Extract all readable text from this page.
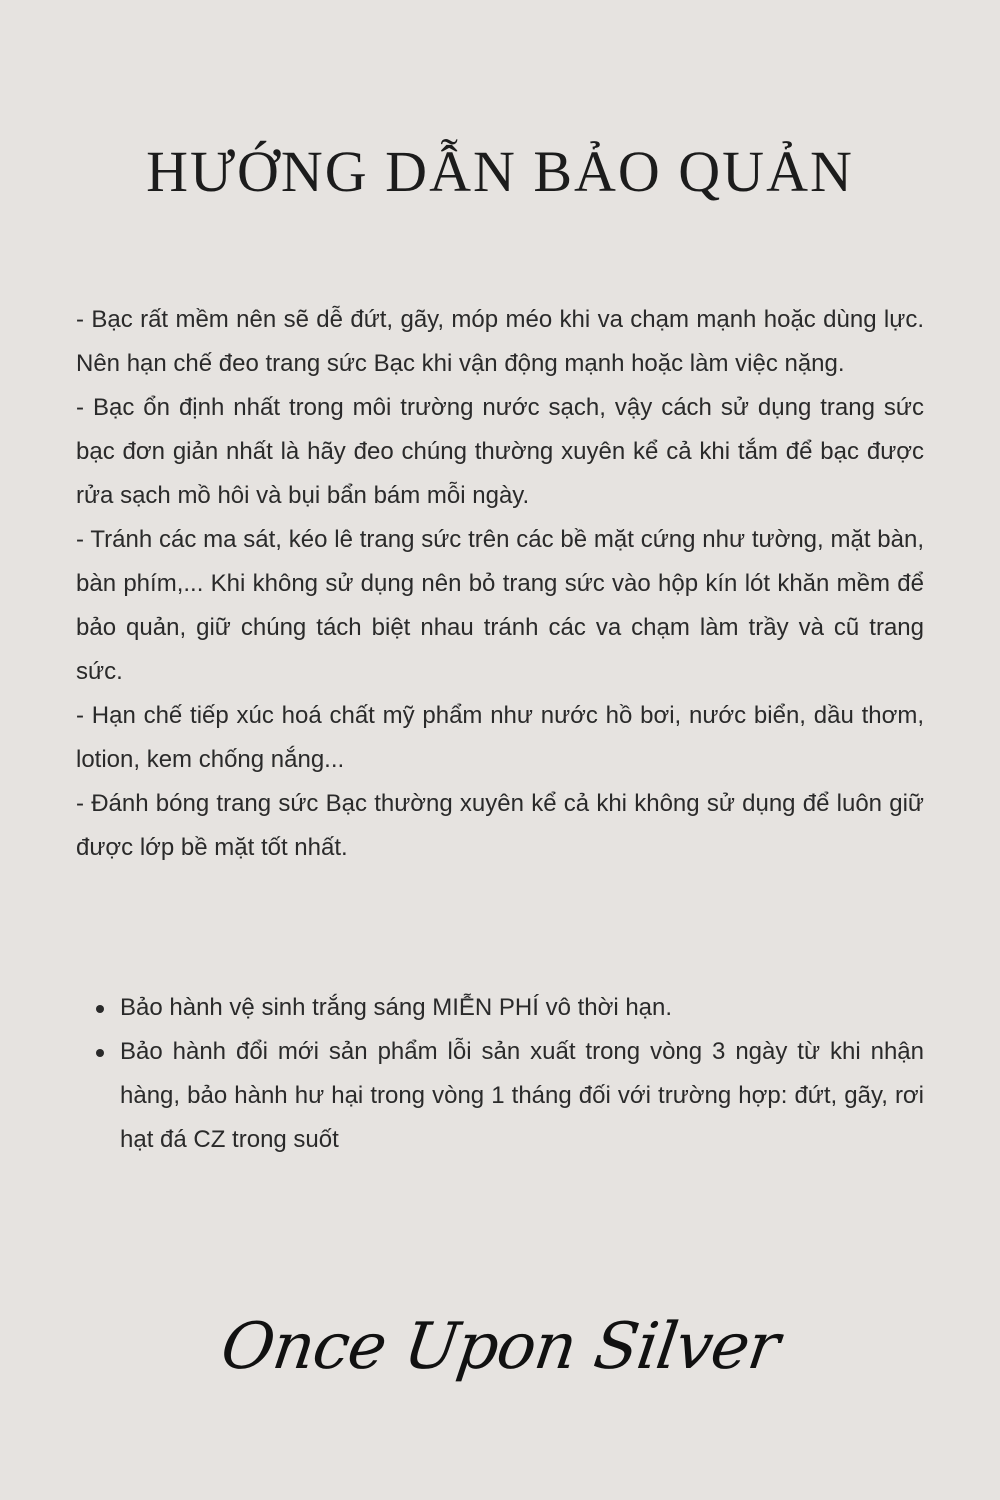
HƯỚNG DẪN BẢO QUẢN

- Bạc rất mềm nên sẽ dễ đứt, gãy, móp méo khi va chạm mạnh hoặc dùng lực. Nên hạn chế đeo trang sức Bạc khi vận động mạnh hoặc làm việc nặng.

- Bạc ổn định nhất trong môi trường nước sạch, vậy cách sử dụng trang sức bạc đơn giản nhất là hãy đeo chúng thường xuyên kể cả khi tắm để bạc được rửa sạch mồ hôi và bụi bẩn bám mỗi ngày.

- Tránh các ma sát, kéo lê trang sức trên các bề mặt cứng như tường, mặt bàn, bàn phím,... Khi không sử dụng nên bỏ trang sức vào hộp kín lót khăn mềm để bảo quản, giữ chúng tách biệt nhau tránh các va chạm làm trầy và cũ trang sức.

- Hạn chế tiếp xúc hoá chất mỹ phẩm như nước hồ bơi, nước biển, dầu thơm, lotion, kem chống nắng...

- Đánh bóng trang sức Bạc thường xuyên kể cả khi không sử dụng để luôn giữ được lớp bề mặt tốt nhất.

Bảo hành vệ sinh trắng sáng MIỄN PHÍ vô thời hạn.
Bảo hành đổi mới sản phẩm lỗi sản xuất trong vòng 3 ngày từ khi nhận hàng, bảo hành hư hại trong vòng 1 tháng đối với trường hợp: đứt, gãy, rơi hạt đá CZ trong suốt
Once Upon Silver
